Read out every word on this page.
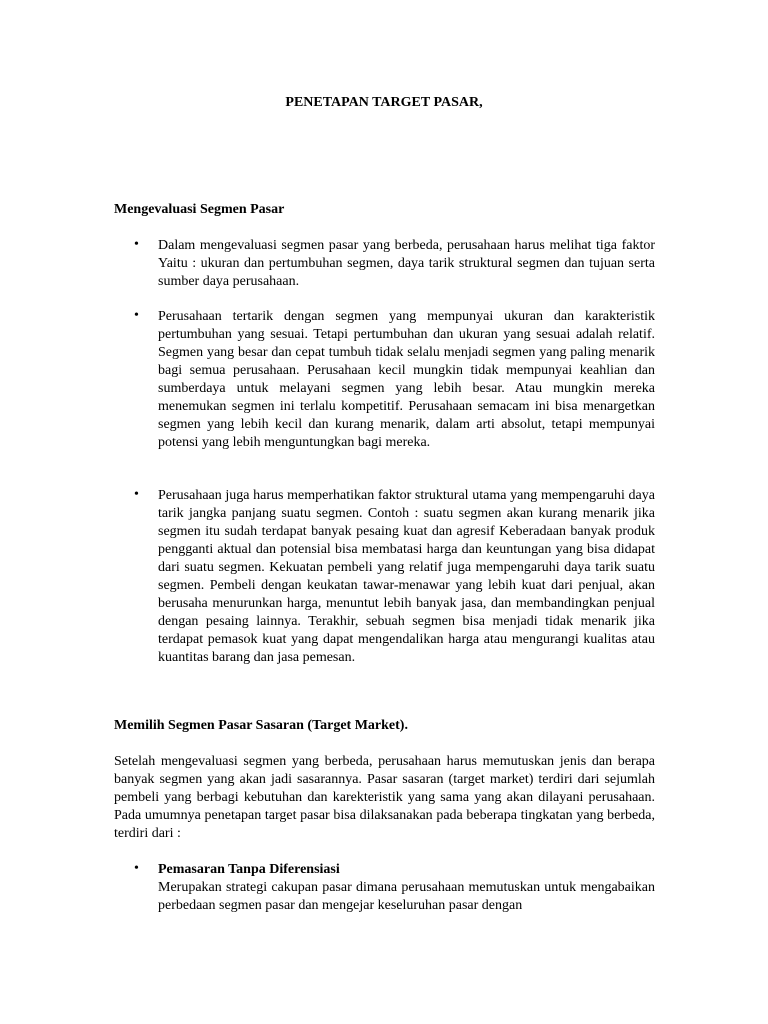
PENETAPAN TARGET PASAR,
Mengevaluasi Segmen Pasar
• Dalam mengevaluasi segmen pasar yang berbeda, perusahaan harus melihat tiga faktor Yaitu : ukuran dan pertumbuhan segmen, daya tarik struktural segmen dan tujuan serta sumber daya perusahaan.
• Perusahaan tertarik dengan segmen yang mempunyai ukuran dan karakteristik pertumbuhan yang sesuai. Tetapi pertumbuhan dan ukuran yang sesuai adalah relatif. Segmen yang besar dan cepat tumbuh tidak selalu menjadi segmen yang paling menarik bagi semua perusahaan. Perusahaan kecil mungkin tidak mempunyai keahlian dan sumberdaya untuk melayani segmen yang lebih besar. Atau mungkin mereka menemukan segmen ini terlalu kompetitif. Perusahaan semacam ini bisa menargetkan segmen yang lebih kecil dan kurang menarik, dalam arti absolut, tetapi mempunyai potensi yang lebih menguntungkan bagi mereka.
• Perusahaan juga harus memperhatikan faktor struktural utama yang mempengaruhi daya tarik jangka panjang suatu segmen. Contoh : suatu segmen akan kurang menarik jika segmen itu sudah terdapat banyak pesaing kuat dan agresif Keberadaan banyak produk pengganti aktual dan potensial bisa membatasi harga dan keuntungan yang bisa didapat dari suatu segmen. Kekuatan pembeli yang relatif juga mempengaruhi daya tarik suatu segmen. Pembeli dengan keukatan tawar-menawar yang lebih kuat dari penjual, akan berusaha menurunkan harga, menuntut lebih banyak jasa, dan membandingkan penjual dengan pesaing lainnya. Terakhir, sebuah segmen bisa menjadi tidak menarik jika terdapat pemasok kuat yang dapat mengendalikan harga atau mengurangi kualitas atau kuantitas barang dan jasa pemesan.
Memilih Segmen Pasar Sasaran (Target Market).
Setelah mengevaluasi segmen yang berbeda, perusahaan harus memutuskan jenis dan berapa banyak segmen yang akan jadi sasarannya. Pasar sasaran (target market) terdiri dari sejumlah pembeli yang berbagi kebutuhan dan karekteristik yang sama yang akan dilayani perusahaan. Pada umumnya penetapan target pasar bisa dilaksanakan pada beberapa tingkatan yang berbeda, terdiri dari :
• Pemasaran Tanpa Diferensiasi
Merupakan strategi cakupan pasar dimana perusahaan memutuskan untuk mengabaikan perbedaan segmen pasar dan mengejar keseluruhan pasar dengan
